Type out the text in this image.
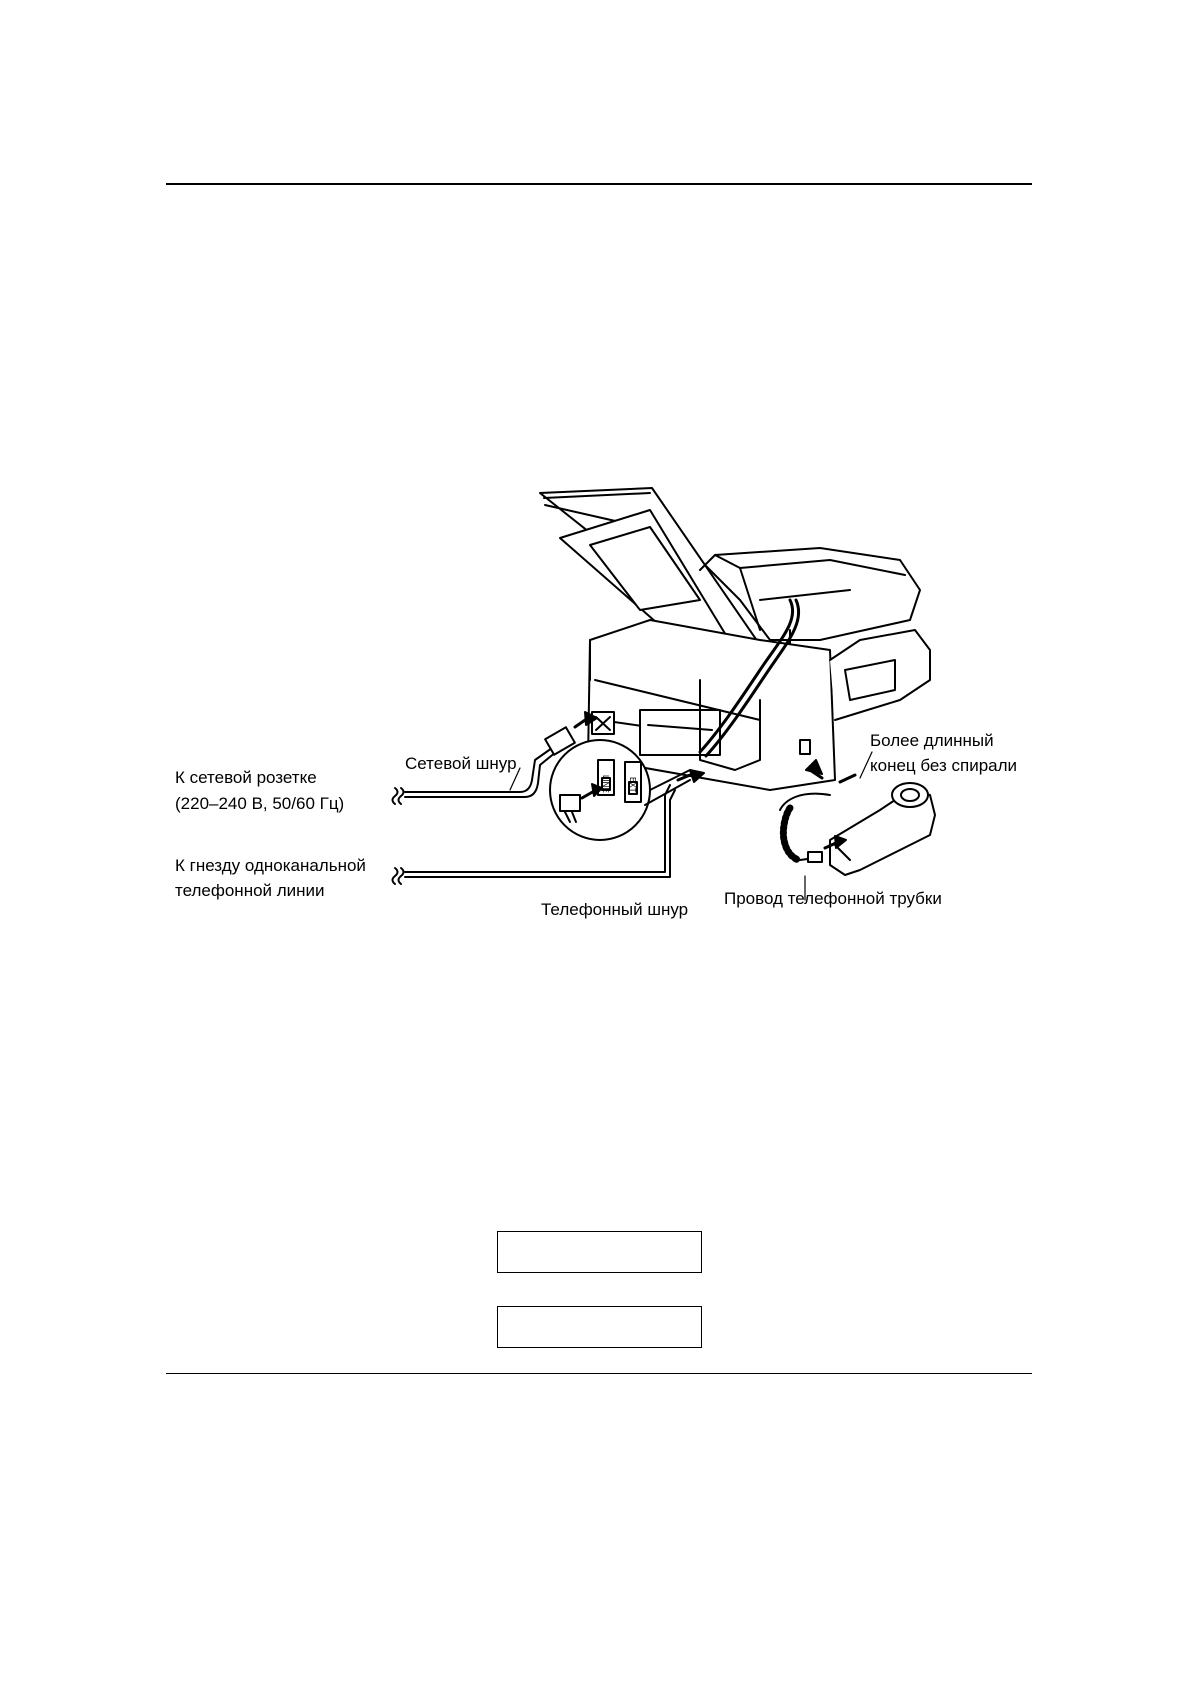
LINE EXT
К сетевой розетке
(220–240 В, 50/60 Гц)
Сетевой шнур
К гнезду одноканальной
телефонной линии
Телефонный шнур
Более длинный
конец без спирали
Провод телефонной трубки
